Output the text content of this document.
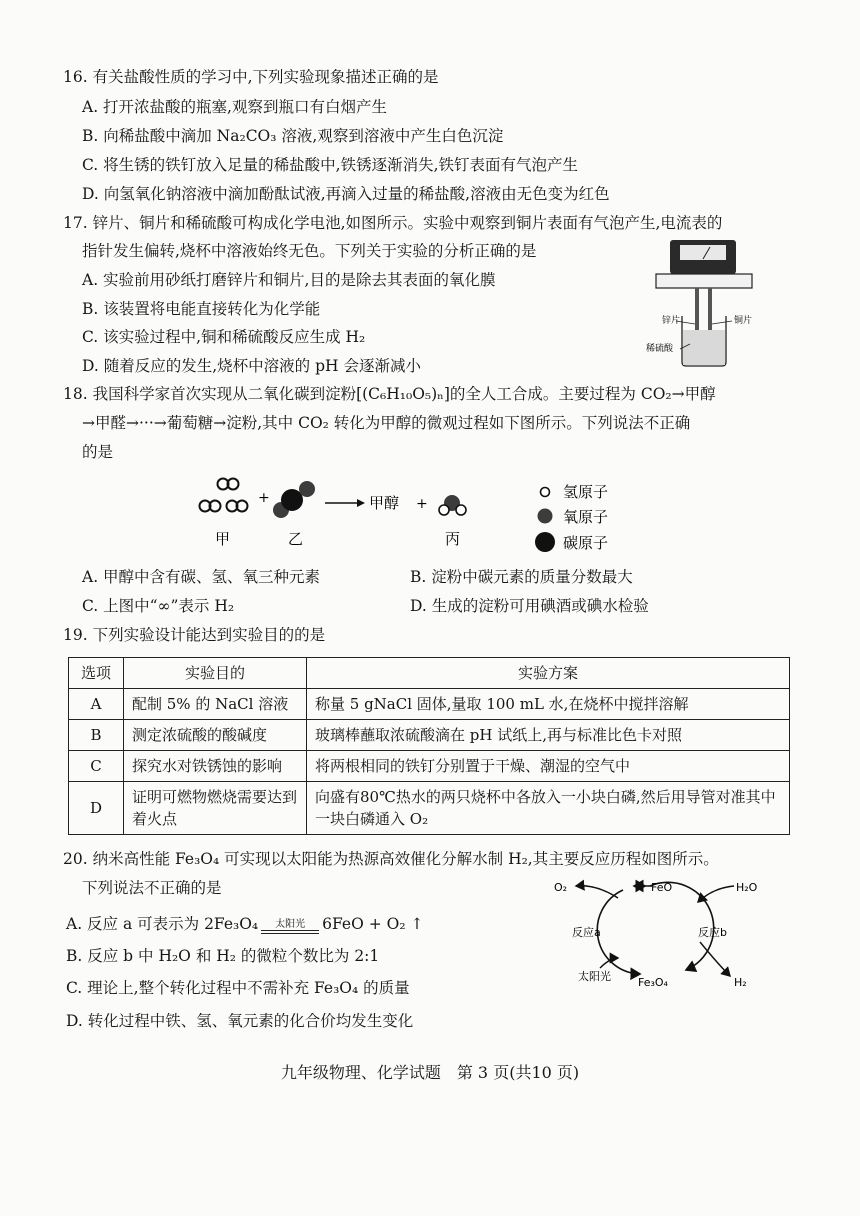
16. 有关盐酸性质的学习中,下列实验现象描述正确的是
A. 打开浓盐酸的瓶塞,观察到瓶口有白烟产生
B. 向稀盐酸中滴加 Na₂CO₃ 溶液,观察到溶液中产生白色沉淀
C. 将生锈的铁钉放入足量的稀盐酸中,铁锈逐渐消失,铁钉表面有气泡产生
D. 向氢氧化钠溶液中滴加酚酞试液,再滴入过量的稀盐酸,溶液由无色变为红色
17. 锌片、铜片和稀硫酸可构成化学电池,如图所示。实验中观察到铜片表面有气泡产生,电流表的
指针发生偏转,烧杯中溶液始终无色。下列关于实验的分析正确的是
A. 实验前用砂纸打磨锌片和铜片,目的是除去其表面的氧化膜
B. 该装置将电能直接转化为化学能
C. 该实验过程中,铜和稀硫酸反应生成 H₂
D. 随着反应的发生,烧杯中溶液的 pH 会逐渐减小
锌片	铜片
稀硫酸
18. 我国科学家首次实现从二氧化碳到淀粉[(C₆H₁₀O₅)ₙ]的全人工合成。主要过程为 CO₂→甲醇
→甲醛→···→葡萄糖→淀粉,其中 CO₂ 转化为甲醇的微观过程如下图所示。下列说法不正确
的是
+	甲醇 +
甲	乙	丙
氢原子
氧原子
碳原子
A. 甲醇中含有碳、氢、氧三种元素	B. 淀粉中碳元素的质量分数最大
C. 上图中“∞”表示 H₂	D. 生成的淀粉可用碘酒或碘水检验
19. 下列实验设计能达到实验目的的是
选项	实验目的	实验方案
A	配制 5% 的 NaCl 溶液	称量 5 gNaCl 固体,量取 100 mL 水,在烧杯中搅拌溶解
B	测定浓硫酸的酸碱度	玻璃棒蘸取浓硫酸滴在 pH 试纸上,再与标准比色卡对照
C	探究水对铁锈蚀的影响	将两根相同的铁钉分别置于干燥、潮湿的空气中
D	证明可燃物燃烧需要达到着火点	向盛有80℃热水的两只烧杯中各放入一小块白磷,然后用导管对准其中一块白磷通入 O₂
20. 纳米高性能 Fe₃O₄ 可实现以太阳能为热源高效催化分解水制 H₂,其主要反应历程如图所示。
下列说法不正确的是
A. 反应 a 可表示为 2Fe₃O₄	太阳光	6FeO + O₂ ↑
B. 反应 b 中 H₂O 和 H₂ 的微粒个数比为 2:1
C. 理论上,整个转化过程中不需补充 Fe₃O₄ 的质量
D. 转化过程中铁、氢、氧元素的化合价均发生变化
O₂	FeO	H₂O
反应a	反应b
太阳光 Fe₃O₄	H₂
九年级物理、化学试题　第 3 页(共10 页)
